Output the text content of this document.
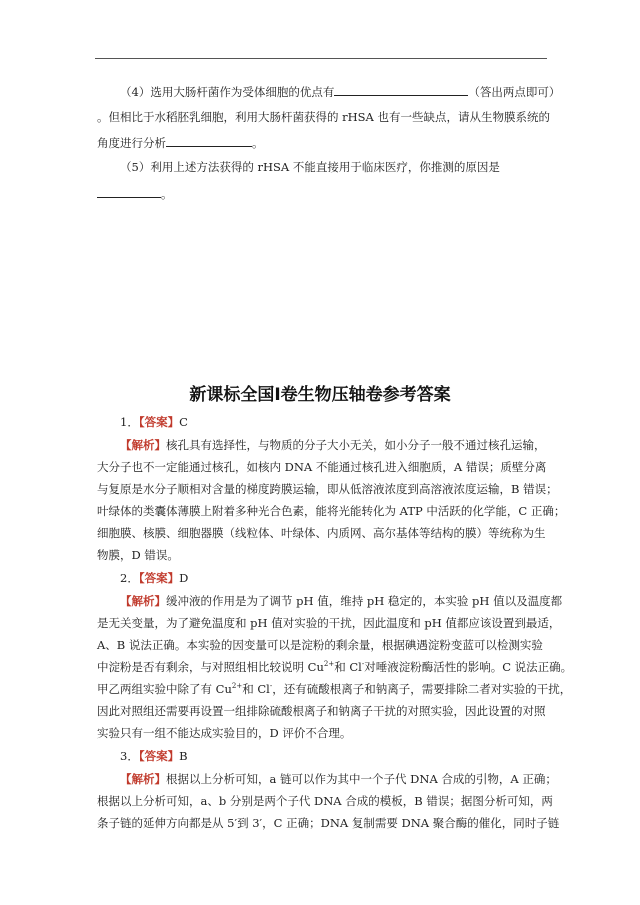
（4）选用大肠杆菌作为受体细胞的优点有	（答出两点即可）
。但相比于水稻胚乳细胞，利用大肠杆菌获得的 rHSA 也有一些缺点，请从生物膜系统的
角度进行分析	。
（5）利用上述方法获得的 rHSA 不能直接用于临床医疗，你推测的原因是
。
新课标全国I卷生物压轴卷参考答案
1．【答案】C
【解析】核孔具有选择性，与物质的分子大小无关，如小分子一般不通过核孔运输，
大分子也不一定能通过核孔，如核内 DNA 不能通过核孔进入细胞质，A 错误；质壁分离
与复原是水分子顺相对含量的梯度跨膜运输，即从低溶液浓度到高溶液浓度运输，B 错误；
叶绿体的类囊体薄膜上附着多种光合色素，能将光能转化为 ATP 中活跃的化学能，C 正确；
细胞膜、核膜、细胞器膜（线粒体、叶绿体、内质网、高尔基体等结构的膜）等统称为生
物膜，D 错误。
2．【答案】D
【解析】缓冲液的作用是为了调节 pH 值，维持 pH 稳定的，本实验 pH 值以及温度都
是无关变量，为了避免温度和 pH 值对实验的干扰，因此温度和 pH 值都应该设置到最适，
A、B 说法正确。本实验的因变量可以是淀粉的剩余量，根据碘遇淀粉变蓝可以检测实验
中淀粉是否有剩余，与对照组相比较说明 $Cu^{2+}$和 Cl-对唾液淀粉酶活性的影响。C 说法正确。
甲乙两组实验中除了有 $Cu^{2+}$和 Cl-，还有硫酸根离子和钠离子，需要排除二者对实验的干扰，
因此对照组还需要再设置一组排除硫酸根离子和钠离子干扰的对照实验，因此设置的对照
实验只有一组不能达成实验目的，D 评价不合理。
3．【答案】B
【解析】根据以上分析可知，a 链可以作为其中一个子代 DNA 合成的引物，A 正确；
根据以上分析可知，a、b 分别是两个子代 DNA 合成的模板，B 错误；据图分析可知，两
条子链的延伸方向都是从 5′到 3′，C 正确；DNA 复制需要 DNA 聚合酶的催化，同时子链
